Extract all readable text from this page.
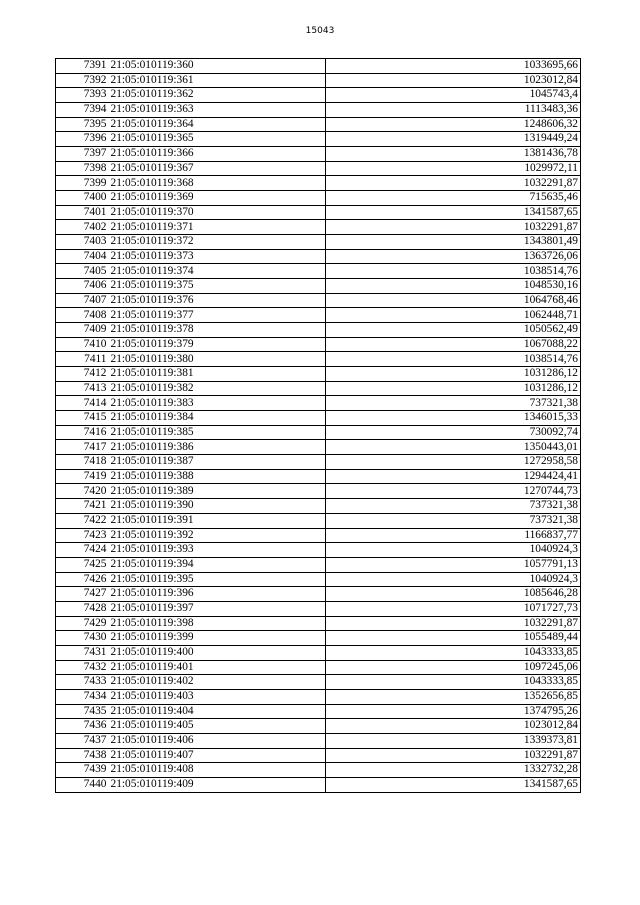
15043
7391	21:05:010119:360	1033695,66
7392	21:05:010119:361	1023012,84
7393	21:05:010119:362	1045743,4
7394	21:05:010119:363	1113483,36
7395	21:05:010119:364	1248606,32
7396	21:05:010119:365	1319449,24
7397	21:05:010119:366	1381436,78
7398	21:05:010119:367	1029972,11
7399	21:05:010119:368	1032291,87
7400	21:05:010119:369	715635,46
7401	21:05:010119:370	1341587,65
7402	21:05:010119:371	1032291,87
7403	21:05:010119:372	1343801,49
7404	21:05:010119:373	1363726,06
7405	21:05:010119:374	1038514,76
7406	21:05:010119:375	1048530,16
7407	21:05:010119:376	1064768,46
7408	21:05:010119:377	1062448,71
7409	21:05:010119:378	1050562,49
7410	21:05:010119:379	1067088,22
7411	21:05:010119:380	1038514,76
7412	21:05:010119:381	1031286,12
7413	21:05:010119:382	1031286,12
7414	21:05:010119:383	737321,38
7415	21:05:010119:384	1346015,33
7416	21:05:010119:385	730092,74
7417	21:05:010119:386	1350443,01
7418	21:05:010119:387	1272958,58
7419	21:05:010119:388	1294424,41
7420	21:05:010119:389	1270744,73
7421	21:05:010119:390	737321,38
7422	21:05:010119:391	737321,38
7423	21:05:010119:392	1166837,77
7424	21:05:010119:393	1040924,3
7425	21:05:010119:394	1057791,13
7426	21:05:010119:395	1040924,3
7427	21:05:010119:396	1085646,28
7428	21:05:010119:397	1071727,73
7429	21:05:010119:398	1032291,87
7430	21:05:010119:399	1055489,44
7431	21:05:010119:400	1043333,85
7432	21:05:010119:401	1097245,06
7433	21:05:010119:402	1043333,85
7434	21:05:010119:403	1352656,85
7435	21:05:010119:404	1374795,26
7436	21:05:010119:405	1023012,84
7437	21:05:010119:406	1339373,81
7438	21:05:010119:407	1032291,87
7439	21:05:010119:408	1332732,28
7440	21:05:010119:409	1341587,65
